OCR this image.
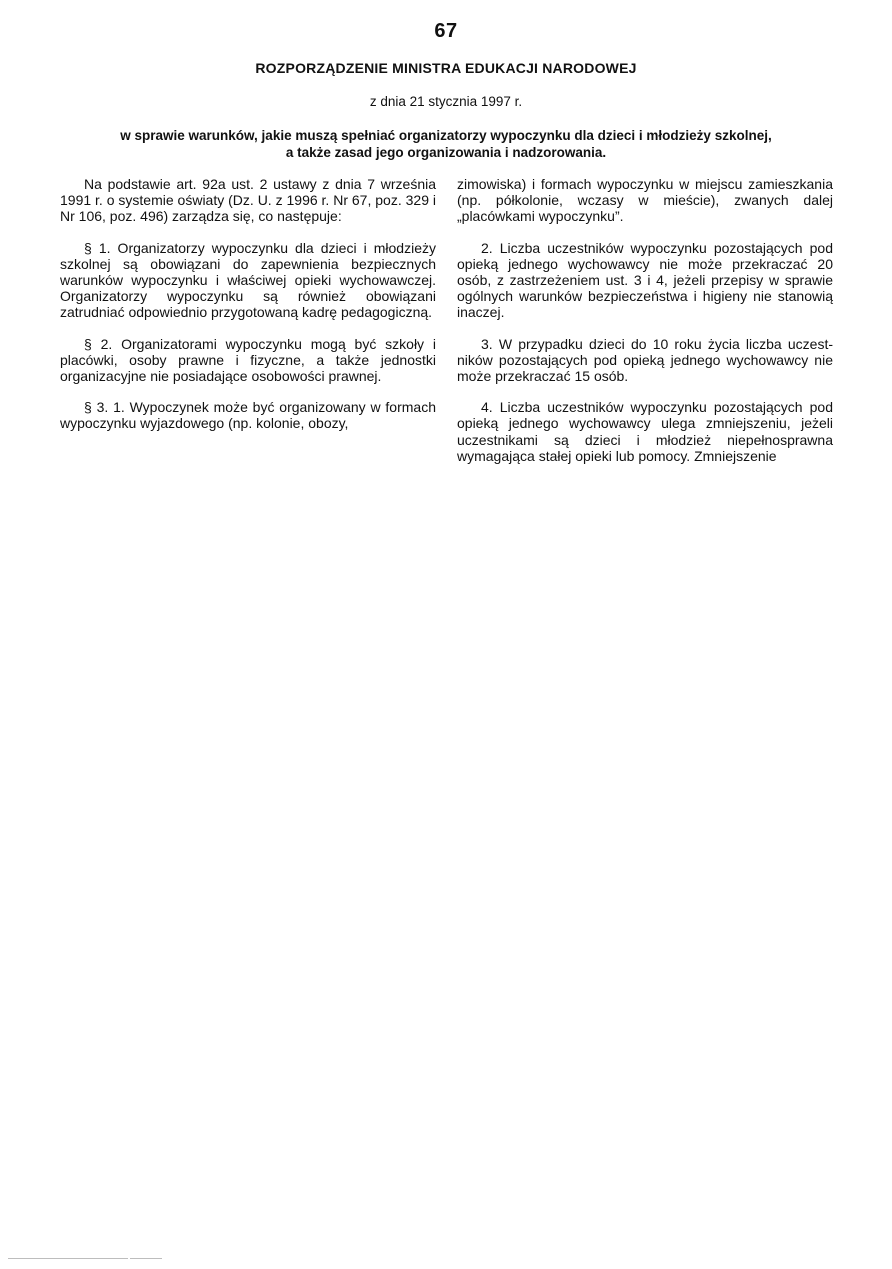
67
ROZPORZĄDZENIE MINISTRA EDUKACJI NARODOWEJ
z dnia 21 stycznia 1997 r.
w sprawie warunków, jakie muszą spełniać organizatorzy wypoczynku dla dzieci i młodzieży szkolnej,
a także zasad jego organizowania i nadzorowania.

Na podstawie art. 92a ust. 2 ustawy z dnia 7 września 1991 r. o systemie oświaty (Dz. U. z 1996 r. Nr 67, poz. 329 i Nr 106, poz. 496) zarządza się, co następuje:

§ 1. Organizatorzy wypoczynku dla dzieci i młodzieży szkolnej są obowiązani do zapewnienia bezpiecznych warunków wypoczynku i właściwej opieki wychowawczej. Organizatorzy wypoczynku są również obowiązani zatrudniać odpowiednio przygotowaną kadrę pedagogiczną.

§ 2. Organizatorami wypoczynku mogą być szkoły i placówki, osoby prawne i fizyczne, a także jednostki organizacyjne nie posiadające osobowości prawnej.

§ 3. 1. Wypoczynek może być organizowany w formach wypoczynku wyjazdowego (np. kolonie, obozy,

zimowiska) i formach wypoczynku w miejscu zamieszkania (np. półkolonie, wczasy w mieście), zwanych dalej „placówkami wypoczynku”.

2. Liczba uczestników wypoczynku pozostających pod opieką jednego wychowawcy nie może przekraczać 20 osób, z zastrzeżeniem ust. 3 i 4, jeżeli przepisy w sprawie ogólnych warunków bezpieczeństwa i higieny nie stanowią inaczej.

3. W przypadku dzieci do 10 roku życia liczba uczestników pozostających pod opieką jednego wychowawcy nie może przekraczać 15 osób.

4. Liczba uczestników wypoczynku pozostających pod opieką jednego wychowawcy ulega zmniejszeniu, jeżeli uczestnikami są dzieci i młodzież niepełnosprawna wymagająca stałej opieki lub pomocy. Zmniejszenie
